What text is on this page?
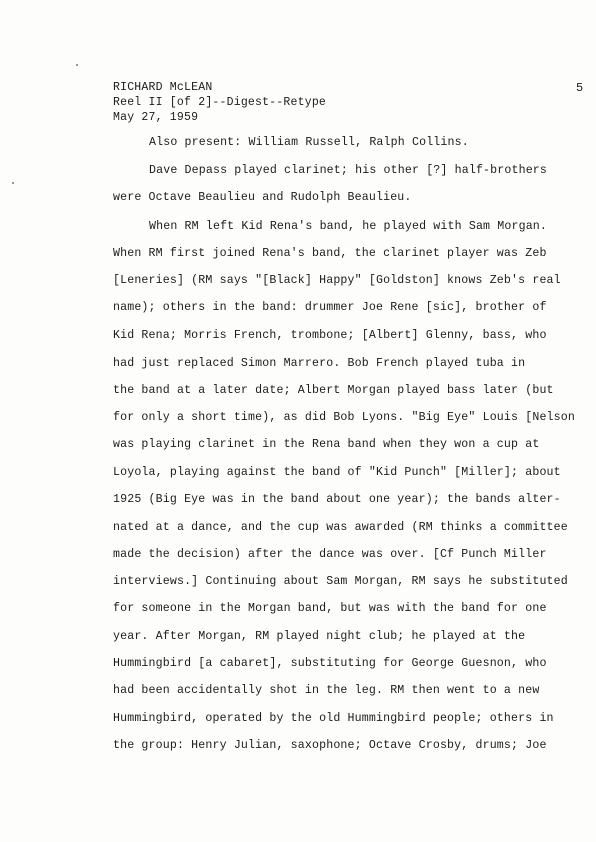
RICHARD McLEAN
Reel II [of 2]--Digest--Retype
May 27, 1959
5
Also present: William Russell, Ralph Collins.
Dave Depass played clarinet; his other [?] half-brothers
were Octave Beaulieu and Rudolph Beaulieu.
When RM left Kid Rena's band, he played with Sam Morgan.
When RM first joined Rena's band, the clarinet player was Zeb
[Leneries] (RM says "[Black] Happy" [Goldston] knows Zeb's real
name); others in the band: drummer Joe Rene [sic], brother of
Kid Rena; Morris French, trombone; [Albert] Glenny, bass, who
had just replaced Simon Marrero. Bob French played tuba in
the band at a later date; Albert Morgan played bass later (but
for only a short time), as did Bob Lyons. "Big Eye" Louis [Nelson
was playing clarinet in the Rena band when they won a cup at
Loyola, playing against the band of "Kid Punch" [Miller]; about
1925 (Big Eye was in the band about one year); the bands alter-
nated at a dance, and the cup was awarded (RM thinks a committee
made the decision) after the dance was over. [Cf Punch Miller
interviews.] Continuing about Sam Morgan, RM says he substituted
for someone in the Morgan band, but was with the band for one
year. After Morgan, RM played night club; he played at the
Hummingbird [a cabaret], substituting for George Guesnon, who
had been accidentally shot in the leg. RM then went to a new
Hummingbird, operated by the old Hummingbird people; others in
the group: Henry Julian, saxophone; Octave Crosby, drums; Joe
